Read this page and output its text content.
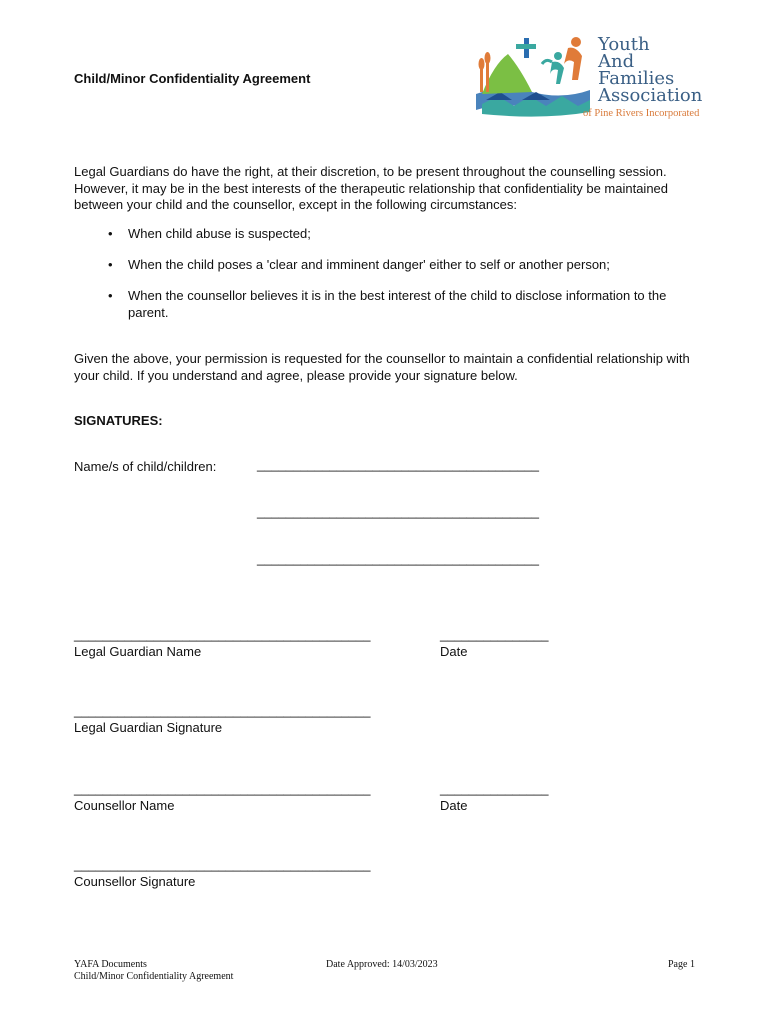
Child/Minor Confidentiality Agreement
Youth
And
Families
Association
of Pine Rivers Incorporated
Legal Guardians do have the right, at their discretion, to be present throughout the counselling session. However, it may be in the best interests of the therapeutic relationship that confidentiality be maintained between your child and the counsellor, except in the following circumstances:
• When child abuse is suspected;
• When the child poses a 'clear and imminent danger' either to self or another person;
• When the counsellor believes it is in the best interest of the child to disclose information to the parent.
Given the above, your permission is requested for the counsellor to maintain a confidential relationship with your child. If you understand and agree, please provide your signature below.
SIGNATURES:
Name/s of child/children:	_______________________________________
_______________________________________
_______________________________________
_________________________________________
Legal Guardian Name
_______________
Date
_________________________________________
Legal Guardian Signature
_________________________________________
Counsellor Name
_______________
Date
_________________________________________
Counsellor Signature
YAFA Documents
Child/Minor Confidentiality Agreement
Date Approved: 14/03/2023	Page 1
